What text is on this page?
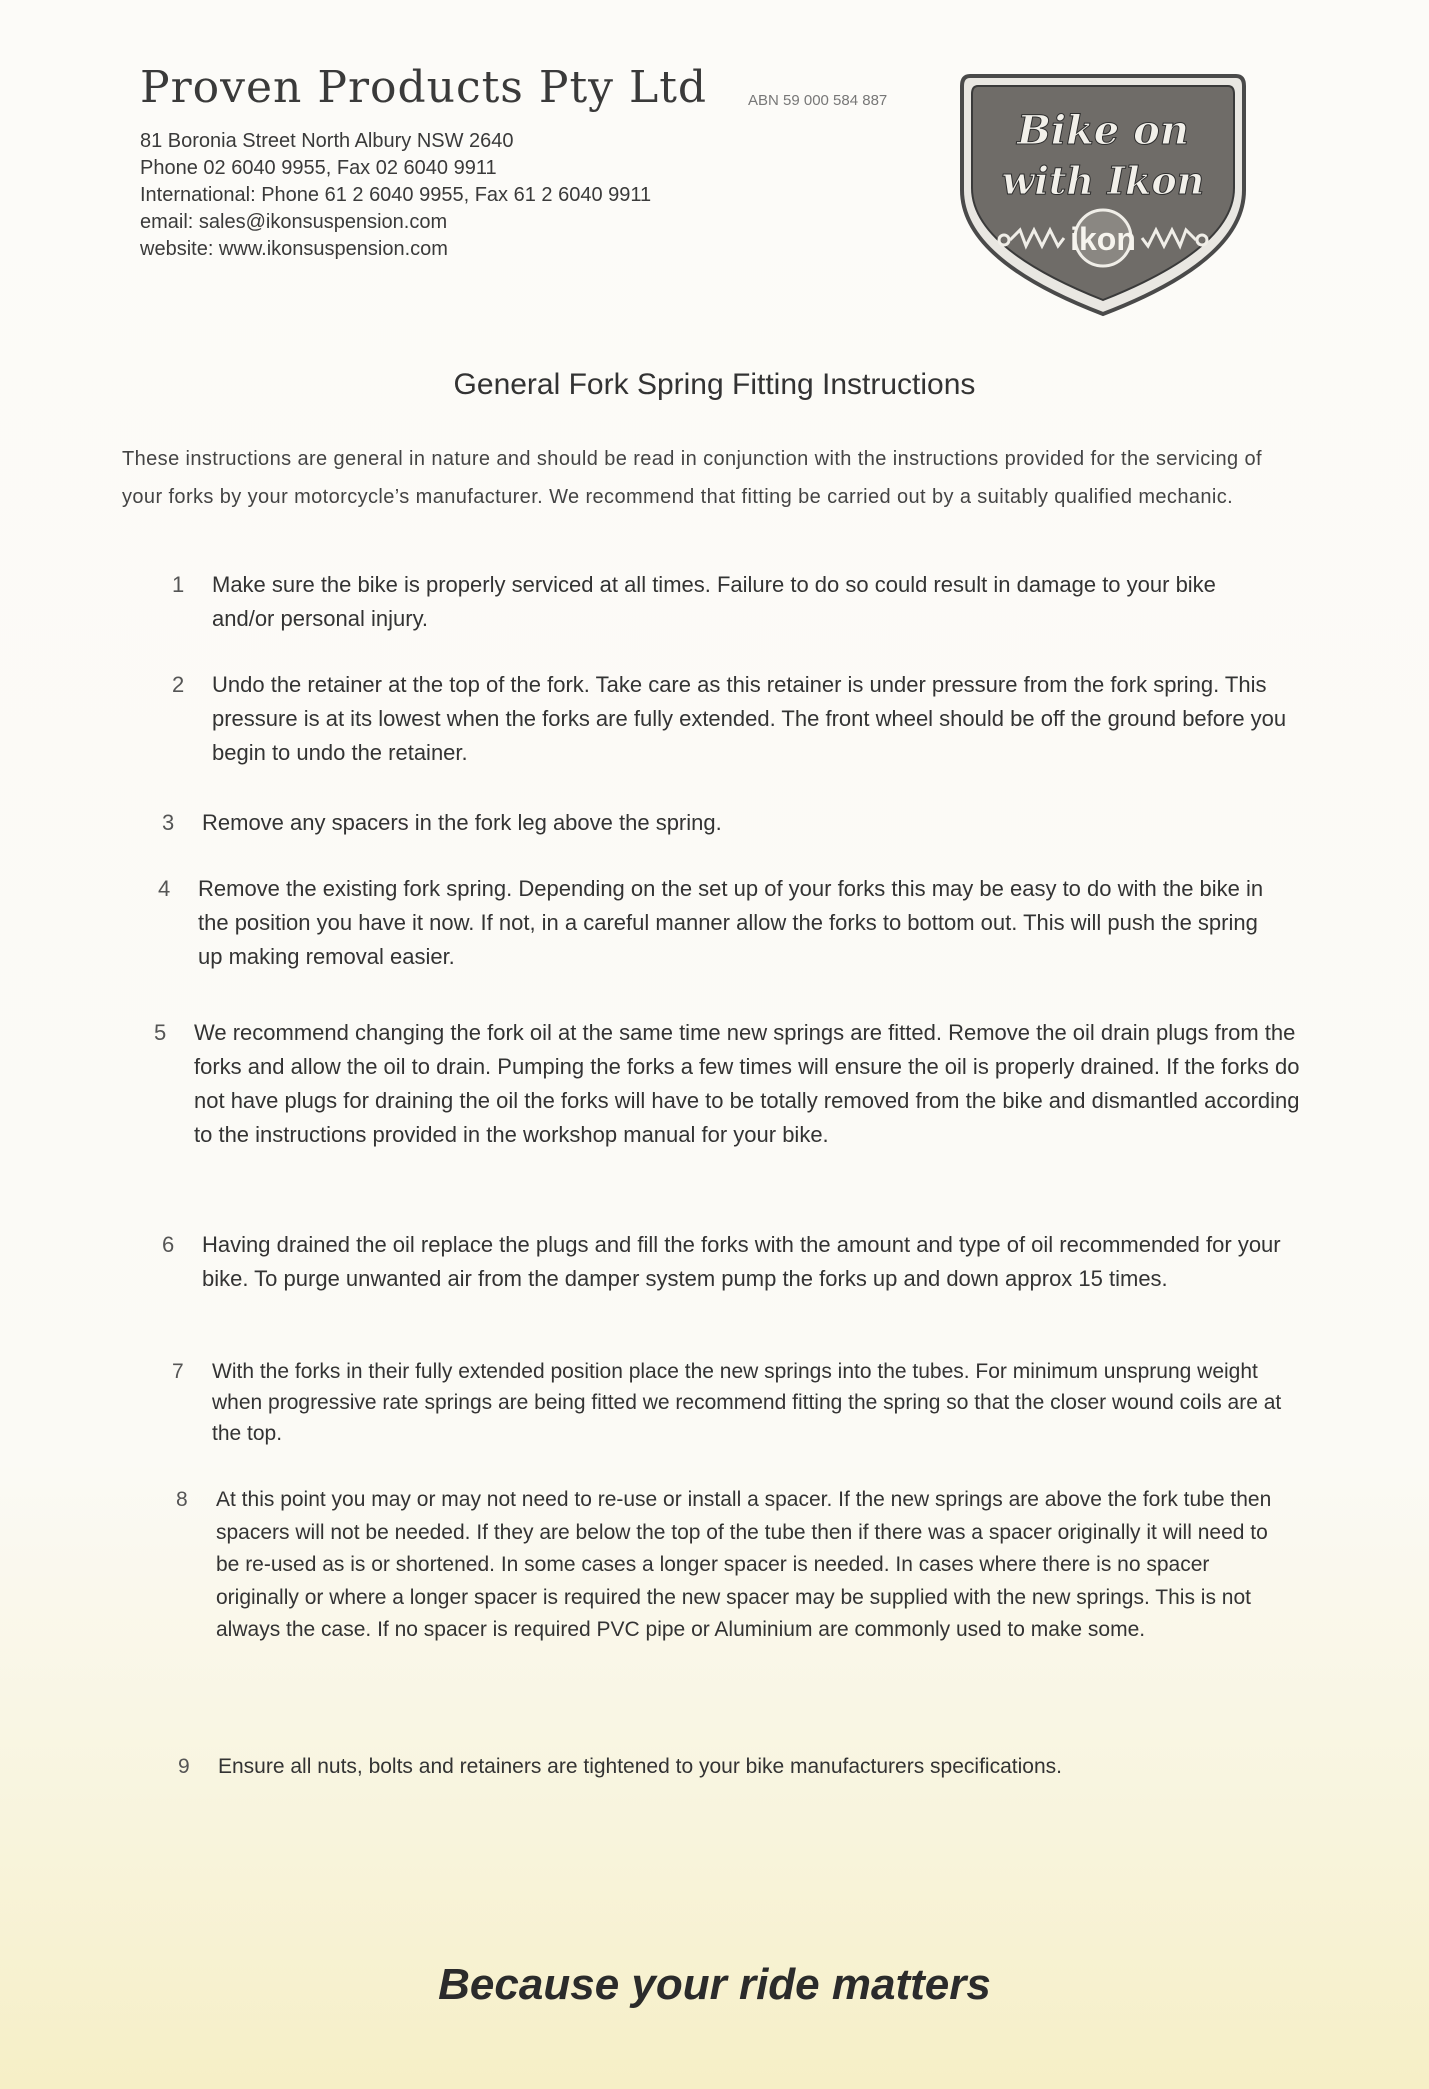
Proven Products Pty Ltd	ABN 59 000 584 887
81 Boronia Street North Albury NSW 2640
Phone 02 6040 9955, Fax 02 6040 9911
International: Phone 61 2 6040 9955, Fax 61 2 6040 9911
email: sales@ikonsuspension.com
website: www.ikonsuspension.com
Bike on
with Ikon
ikon
General Fork Spring Fitting Instructions
These instructions are general in nature and should be read in conjunction with the instructions provided for the servicing of your forks by your motorcycle’s manufacturer. We recommend that fitting be carried out by a suitably qualified mechanic.
1 Make sure the bike is properly serviced at all times. Failure to do so could result in damage to your bike and/or personal injury.
2 Undo the retainer at the top of the fork. Take care as this retainer is under pressure from the fork spring. This pressure is at its lowest when the forks are fully extended. The front wheel should be off the ground before you begin to undo the retainer.
3 Remove any spacers in the fork leg above the spring.
4 Remove the existing fork spring. Depending on the set up of your forks this may be easy to do with the bike in the position you have it now. If not, in a careful manner allow the forks to bottom out. This will push the spring up making removal easier.
5 We recommend changing the fork oil at the same time new springs are fitted. Remove the oil drain plugs from the forks and allow the oil to drain. Pumping the forks a few times will ensure the oil is properly drained. If the forks do not have plugs for draining the oil the forks will have to be totally removed from the bike and dismantled according to the instructions provided in the workshop manual for your bike.
6 Having drained the oil replace the plugs and fill the forks with the amount and type of oil recommended for your bike. To purge unwanted air from the damper system pump the forks up and down approx 15 times.
7 With the forks in their fully extended position place the new springs into the tubes. For minimum unsprung weight when progressive rate springs are being fitted we recommend fitting the spring so that the closer wound coils are at the top.
8 At this point you may or may not need to re-use or install a spacer. If the new springs are above the fork tube then spacers will not be needed. If they are below the top of the tube then if there was a spacer originally it will need to be re-used as is or shortened. In some cases a longer spacer is needed. In cases where there is no spacer originally or where a longer spacer is required the new spacer may be supplied with the new springs. This is not always the case. If no spacer is required PVC pipe or Aluminium are commonly used to make some.
9 Ensure all nuts, bolts and retainers are tightened to your bike manufacturers specifications.
Because your ride matters
